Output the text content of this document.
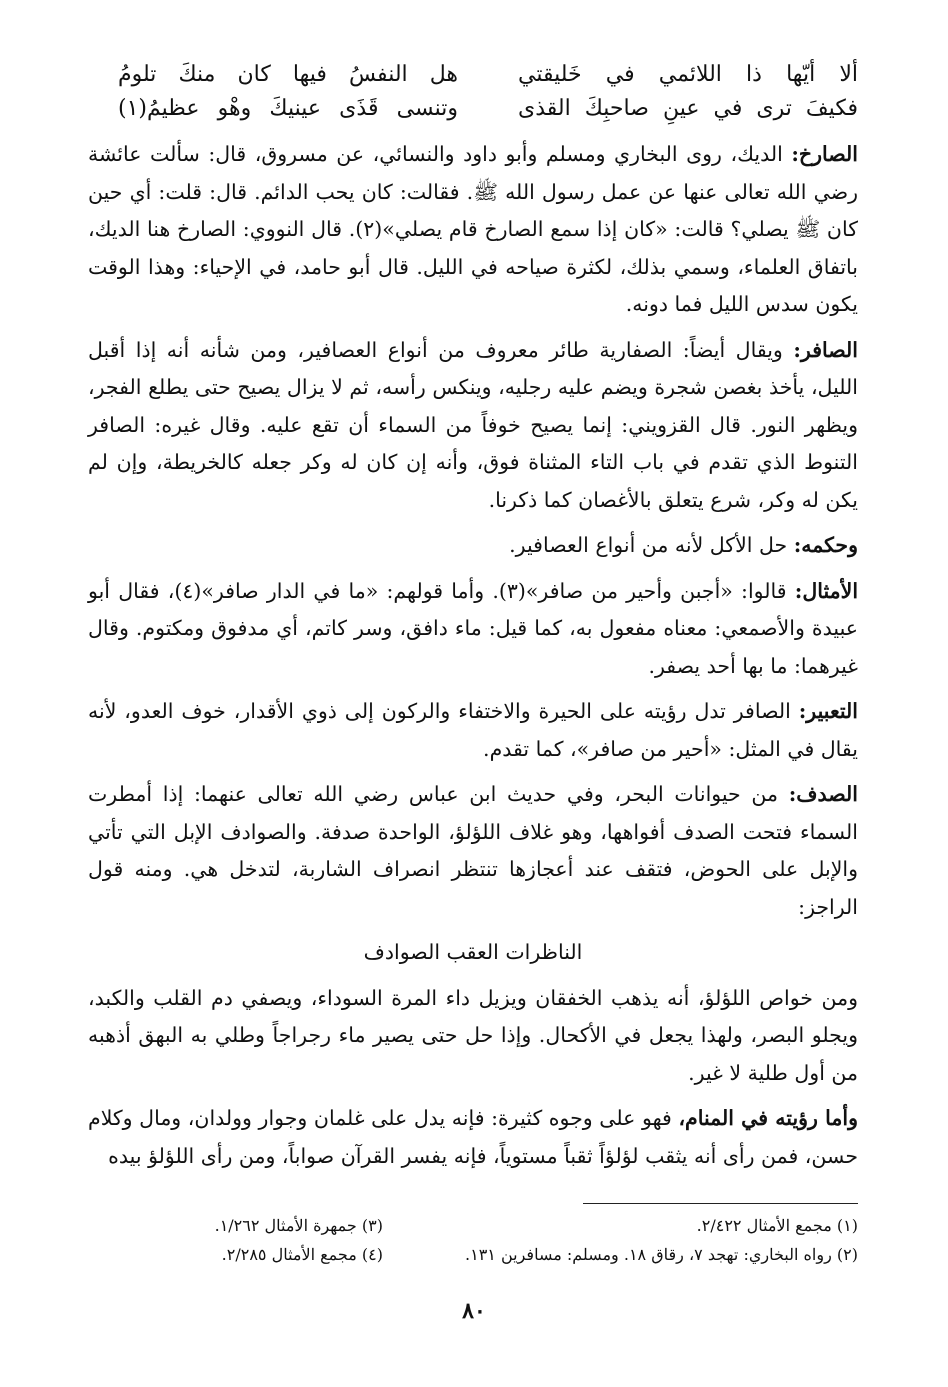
ألا أيّها ذا اللائمي في خَليقتي
هل النفسُ فيها كان منكَ تلومُ
فكيفَ ترى في عينِ صاحبِكَ القذى
وتنسى قَذَى عينيكَ وهْو عظيمُ(١)

الصارخ: الديك، روى البخاري ومسلم وأبو داود والنسائي، عن مسروق، قال: سألت عائشة رضي الله تعالى عنها عن عمل رسول الله ﷺ. فقالت: كان يحب الدائم. قال: قلت: أي حين كان ﷺ يصلي؟ قالت: «كان إذا سمع الصارخ قام يصلي»(٢). قال النووي: الصارخ هنا الديك، باتفاق العلماء، وسمي بذلك، لكثرة صياحه في الليل. قال أبو حامد، في الإحياء: وهذا الوقت يكون سدس الليل فما دونه.

الصافر: ويقال أيضاً: الصفارية طائر معروف من أنواع العصافير، ومن شأنه أنه إذا أقبل الليل، يأخذ بغصن شجرة ويضم عليه رجليه، وينكس رأسه، ثم لا يزال يصيح حتى يطلع الفجر، ويظهر النور. قال القزويني: إنما يصيح خوفاً من السماء أن تقع عليه. وقال غيره: الصافر التنوط الذي تقدم في باب التاء المثناة فوق، وأنه إن كان له وكر جعله كالخريطة، وإن لم يكن له وكر، شرع يتعلق بالأغصان كما ذكرنا.

وحكمه: حل الأكل لأنه من أنواع العصافير.

الأمثال: قالوا: «أجبن وأحير من صافر»(٣). وأما قولهم: «ما في الدار صافر»(٤)، فقال أبو عبيدة والأصمعي: معناه مفعول به، كما قيل: ماء دافق، وسر كاتم، أي مدفوق ومكتوم. وقال غيرهما: ما بها أحد يصفر.

التعبير: الصافر تدل رؤيته على الحيرة والاختفاء والركون إلى ذوي الأقدار، خوف العدو، لأنه يقال في المثل: «أحير من صافر»، كما تقدم.

الصدف: من حيوانات البحر، وفي حديث ابن عباس رضي الله تعالى عنهما: إذا أمطرت السماء فتحت الصدف أفواهها، وهو غلاف اللؤلؤ، الواحدة صدفة. والصوادف الإبل التي تأتي والإبل على الحوض، فتقف عند أعجازها تنتظر انصراف الشاربة، لتدخل هي. ومنه قول الراجز:

الناظرات العقب الصوادف

ومن خواص اللؤلؤ، أنه يذهب الخفقان ويزيل داء المرة السوداء، ويصفي دم القلب والكبد، ويجلو البصر، ولهذا يجعل في الأكحال. وإذا حل حتى يصير ماء رجراجاً وطلي به البهق أذهبه من أول طلية لا غير.

وأما رؤيته في المنام، فهو على وجوه كثيرة: فإنه يدل على غلمان وجوار وولدان، ومال وكلام حسن، فمن رأى أنه يثقب لؤلؤاً ثقباً مستوياً، فإنه يفسر القرآن صواباً، ومن رأى اللؤلؤ بيده

(١) مجمع الأمثال ٢/٤٢٢.
(٣) جمهرة الأمثال ١/٢٦٢.
(٢) رواه البخاري: تهجد ٧، رقاق ١٨. ومسلم: مسافرين ١٣١.
(٤) مجمع الأمثال ٢/٢٨٥.
٨٠
